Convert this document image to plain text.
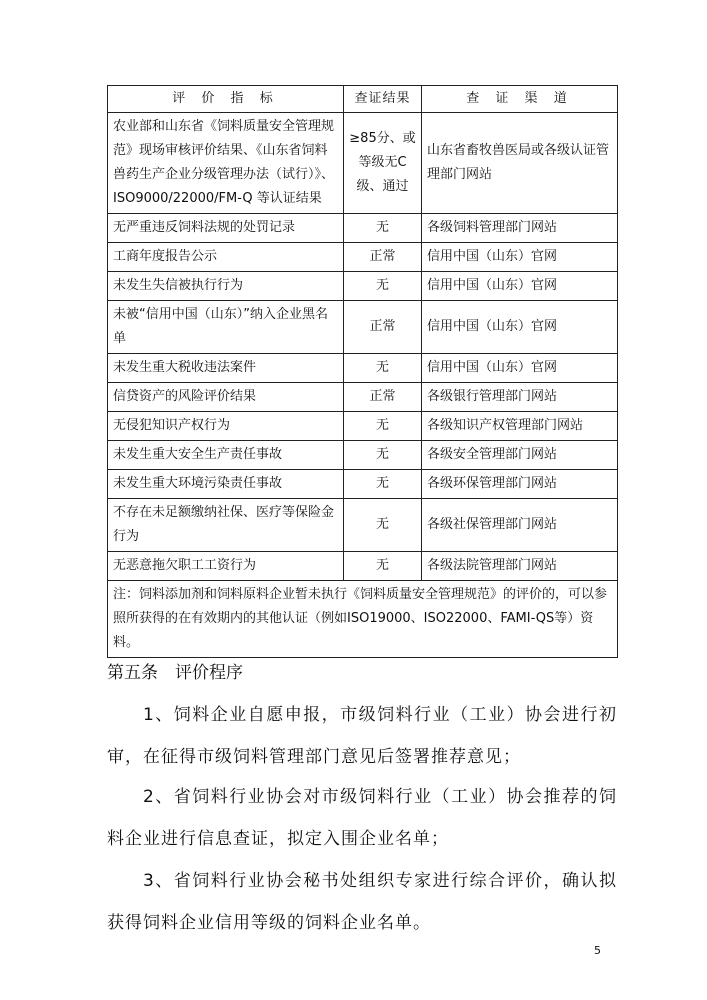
评 价 指 标	查证结果	查 证 渠 道
农业部和山东省《饲料质量安全管理规范》现场审核评价结果、《山东省饲料兽药生产企业分级管理办法（试行）》、ISO9000/22000/FM-Q 等认证结果	≥85分、或等级无C级、通过	山东省畜牧兽医局或各级认证管理部门网站
无严重违反饲料法规的处罚记录	无	各级饲料管理部门网站
工商年度报告公示	正常	信用中国（山东）官网
未发生失信被执行行为	无	信用中国（山东）官网
未被“信用中国（山东）”纳入企业黑名单	正常	信用中国（山东）官网
未发生重大税收违法案件	无	信用中国（山东）官网
信贷资产的风险评价结果	正常	各级银行管理部门网站
无侵犯知识产权行为	无	各级知识产权管理部门网站
未发生重大安全生产责任事故	无	各级安全管理部门网站
未发生重大环境污染责任事故	无	各级环保管理部门网站
不存在未足额缴纳社保、医疗等保险金行为	无	各级社保管理部门网站
无恶意拖欠职工工资行为	无	各级法院管理部门网站
注：饲料添加剂和饲料原料企业暂未执行《饲料质量安全管理规范》的评价的，可以参照所获得的在有效期内的其他认证（例如ISO19000、ISO22000、FAMI-QS等）资料。		
第五条　评价程序
1、饲料企业自愿申报，市级饲料行业（工业）协会进行初审，在征得市级饲料管理部门意见后签署推荐意见；
2、省饲料行业协会对市级饲料行业（工业）协会推荐的饲料企业进行信息查证，拟定入围企业名单；
3、省饲料行业协会秘书处组织专家进行综合评价，确认拟获得饲料企业信用等级的饲料企业名单。
5
